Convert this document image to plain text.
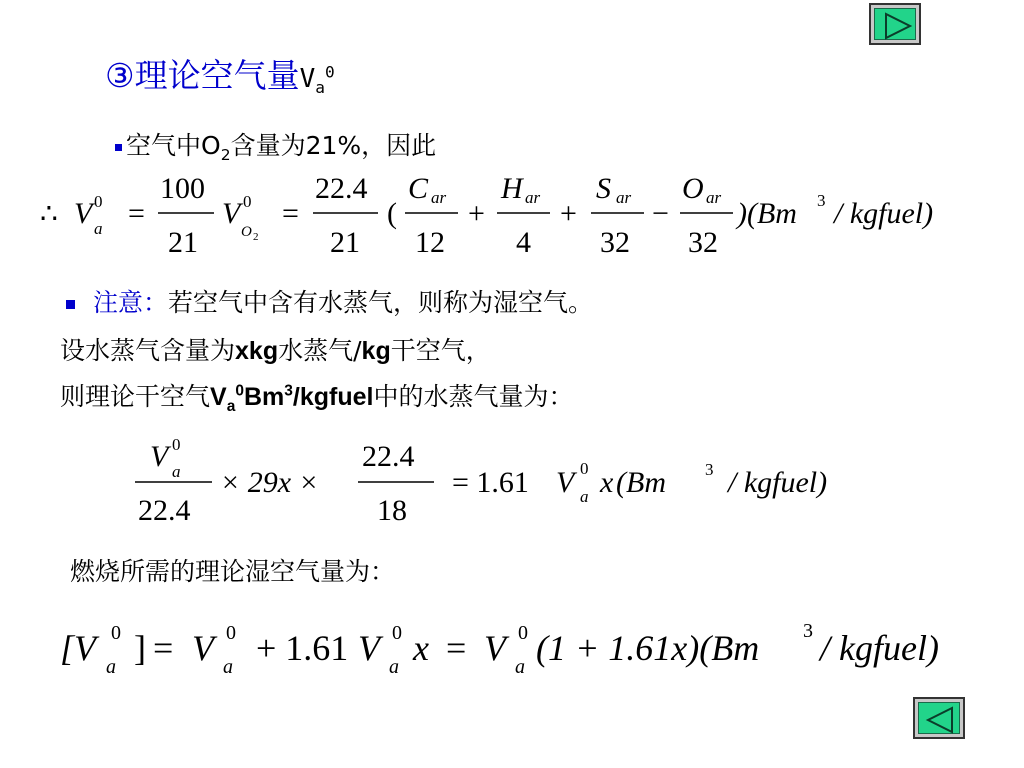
③理论空气量$V_a^0$
空气中$O_2$含量为21%，因此
∴ V 0
a =
100
21
V 0
O 2
=
22.4
21
(
C ar
12
+
H ar
4
+
S ar
32
−
O ar
32
)(Bm 3 / kgfuel)
注意：若空气中含有水蒸气，则称为湿空气。
设水蒸气含量为xkg水蒸气/kg干空气，
则理论干空气$V_a^0Bm^3$/kgfuel中的水蒸气量为：
V 0
a
22.4
× 29x ×
22.4
18
= 1.61 V 0
a x (Bm 3 / kgfuel)
燃烧所需的理论湿空气量为：
[V 0
a ] = V 0
a + 1.61 V 0
a x = V 0
a (1 + 1.61x)(Bm 3 / kgfuel)
